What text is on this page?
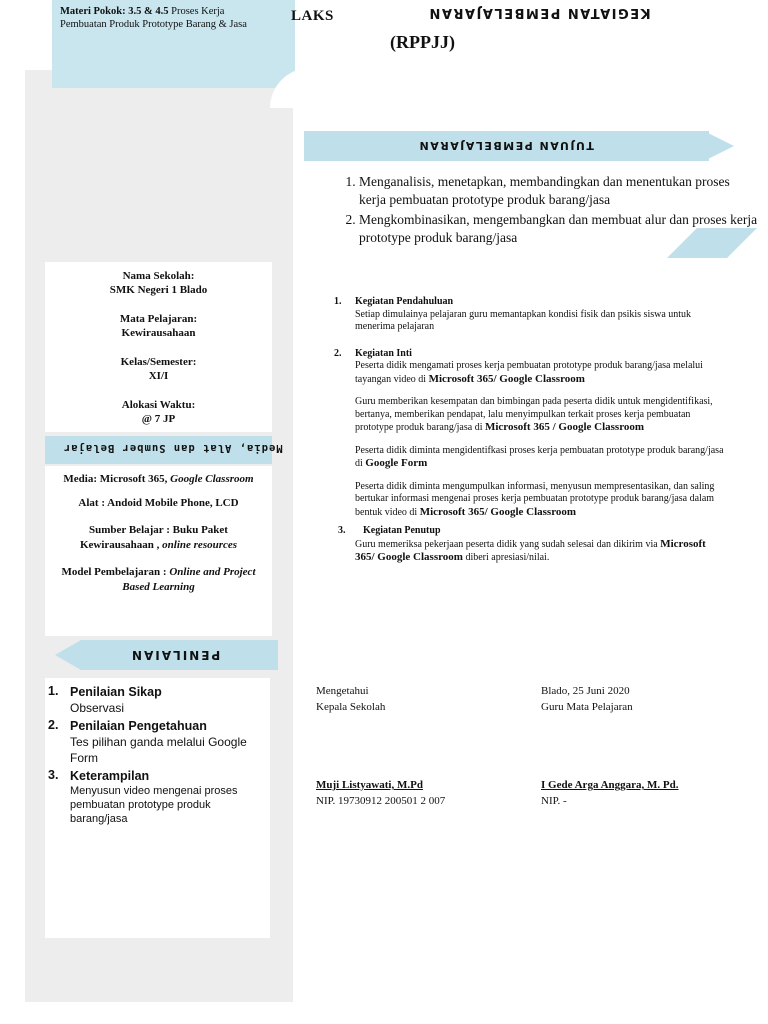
Materi Pokok: 3.5 & 4.5 Proses Kerja
Pembuatan Produk Prototype Barang & Jasa
LAKS	KEGIATAN PEMBELAJARAN
(RPPJJ)
TUJUAN PEMBELAJARAN
1. Menganalisis, menetapkan, membandingkan dan menentukan proses kerja pembuatan prototype produk barang/jasa
2. Mengkombinasikan, mengembangkan dan membuat alur dan proses kerja prototype produk barang/jasa
Nama Sekolah:
SMK Negeri 1 Blado
Mata Pelajaran:
Kewirausahaan
Kelas/Semester:
XI/I
Alokasi Waktu:
@ 7 JP
Media, Alat dan Sumber Belajar
Media: Microsoft 365, Google Classroom
Alat : Andoid Mobile Phone, LCD
Sumber Belajar : Buku Paket Kewirausahaan , online resources
Model Pembelajaran : Online and Project Based Learning
PENILAIAN
1. Penilaian Sikap
Observasi
2. Penilaian Pengetahuan
Tes pilihan ganda melalui Google Form
3. Keterampilan
Menyusun video mengenai proses pembuatan prototype produk barang/jasa
1. Kegiatan Pendahuluan
Setiap dimulainya pelajaran guru memantapkan kondisi fisik dan psikis siswa untuk menerima pelajaran
2. Kegiatan Inti

Peserta didik mengamati proses kerja pembuatan prototype produk barang/jasa melalui tayangan video di Microsoft 365/ Google Classroom

Guru memberikan kesempatan dan bimbingan pada peserta didik untuk mengidentifikasi, bertanya, memberikan pendapat, lalu menyimpulkan terkait proses kerja pembuatan prototype produk barang/jasa di Microsoft 365 / Google Classroom

Peserta didik diminta mengidentifkasi proses kerja pembuatan prototype produk barang/jasa di Google Form

Peserta didik diminta mengumpulkan informasi, menyusun mempresentasikan, dan saling bertukar informasi mengenai proses kerja pembuatan prototype produk barang/jasa dalam bentuk video di Microsoft 365/ Google Classroom

3.	Kegiatan Penutup
Guru memeriksa pekerjaan peserta didik yang sudah selesai dan dikirim via Microsoft 365/ Google Classroom diberi apresiasi/nilai.
Mengetahui
Kepala Sekolah
Muji Listyawati, M.Pd
NIP. 19730912 200501 2 007
Blado, 25 Juni 2020
Guru Mata Pelajaran
I Gede Arga Anggara, M. Pd.
NIP. -
